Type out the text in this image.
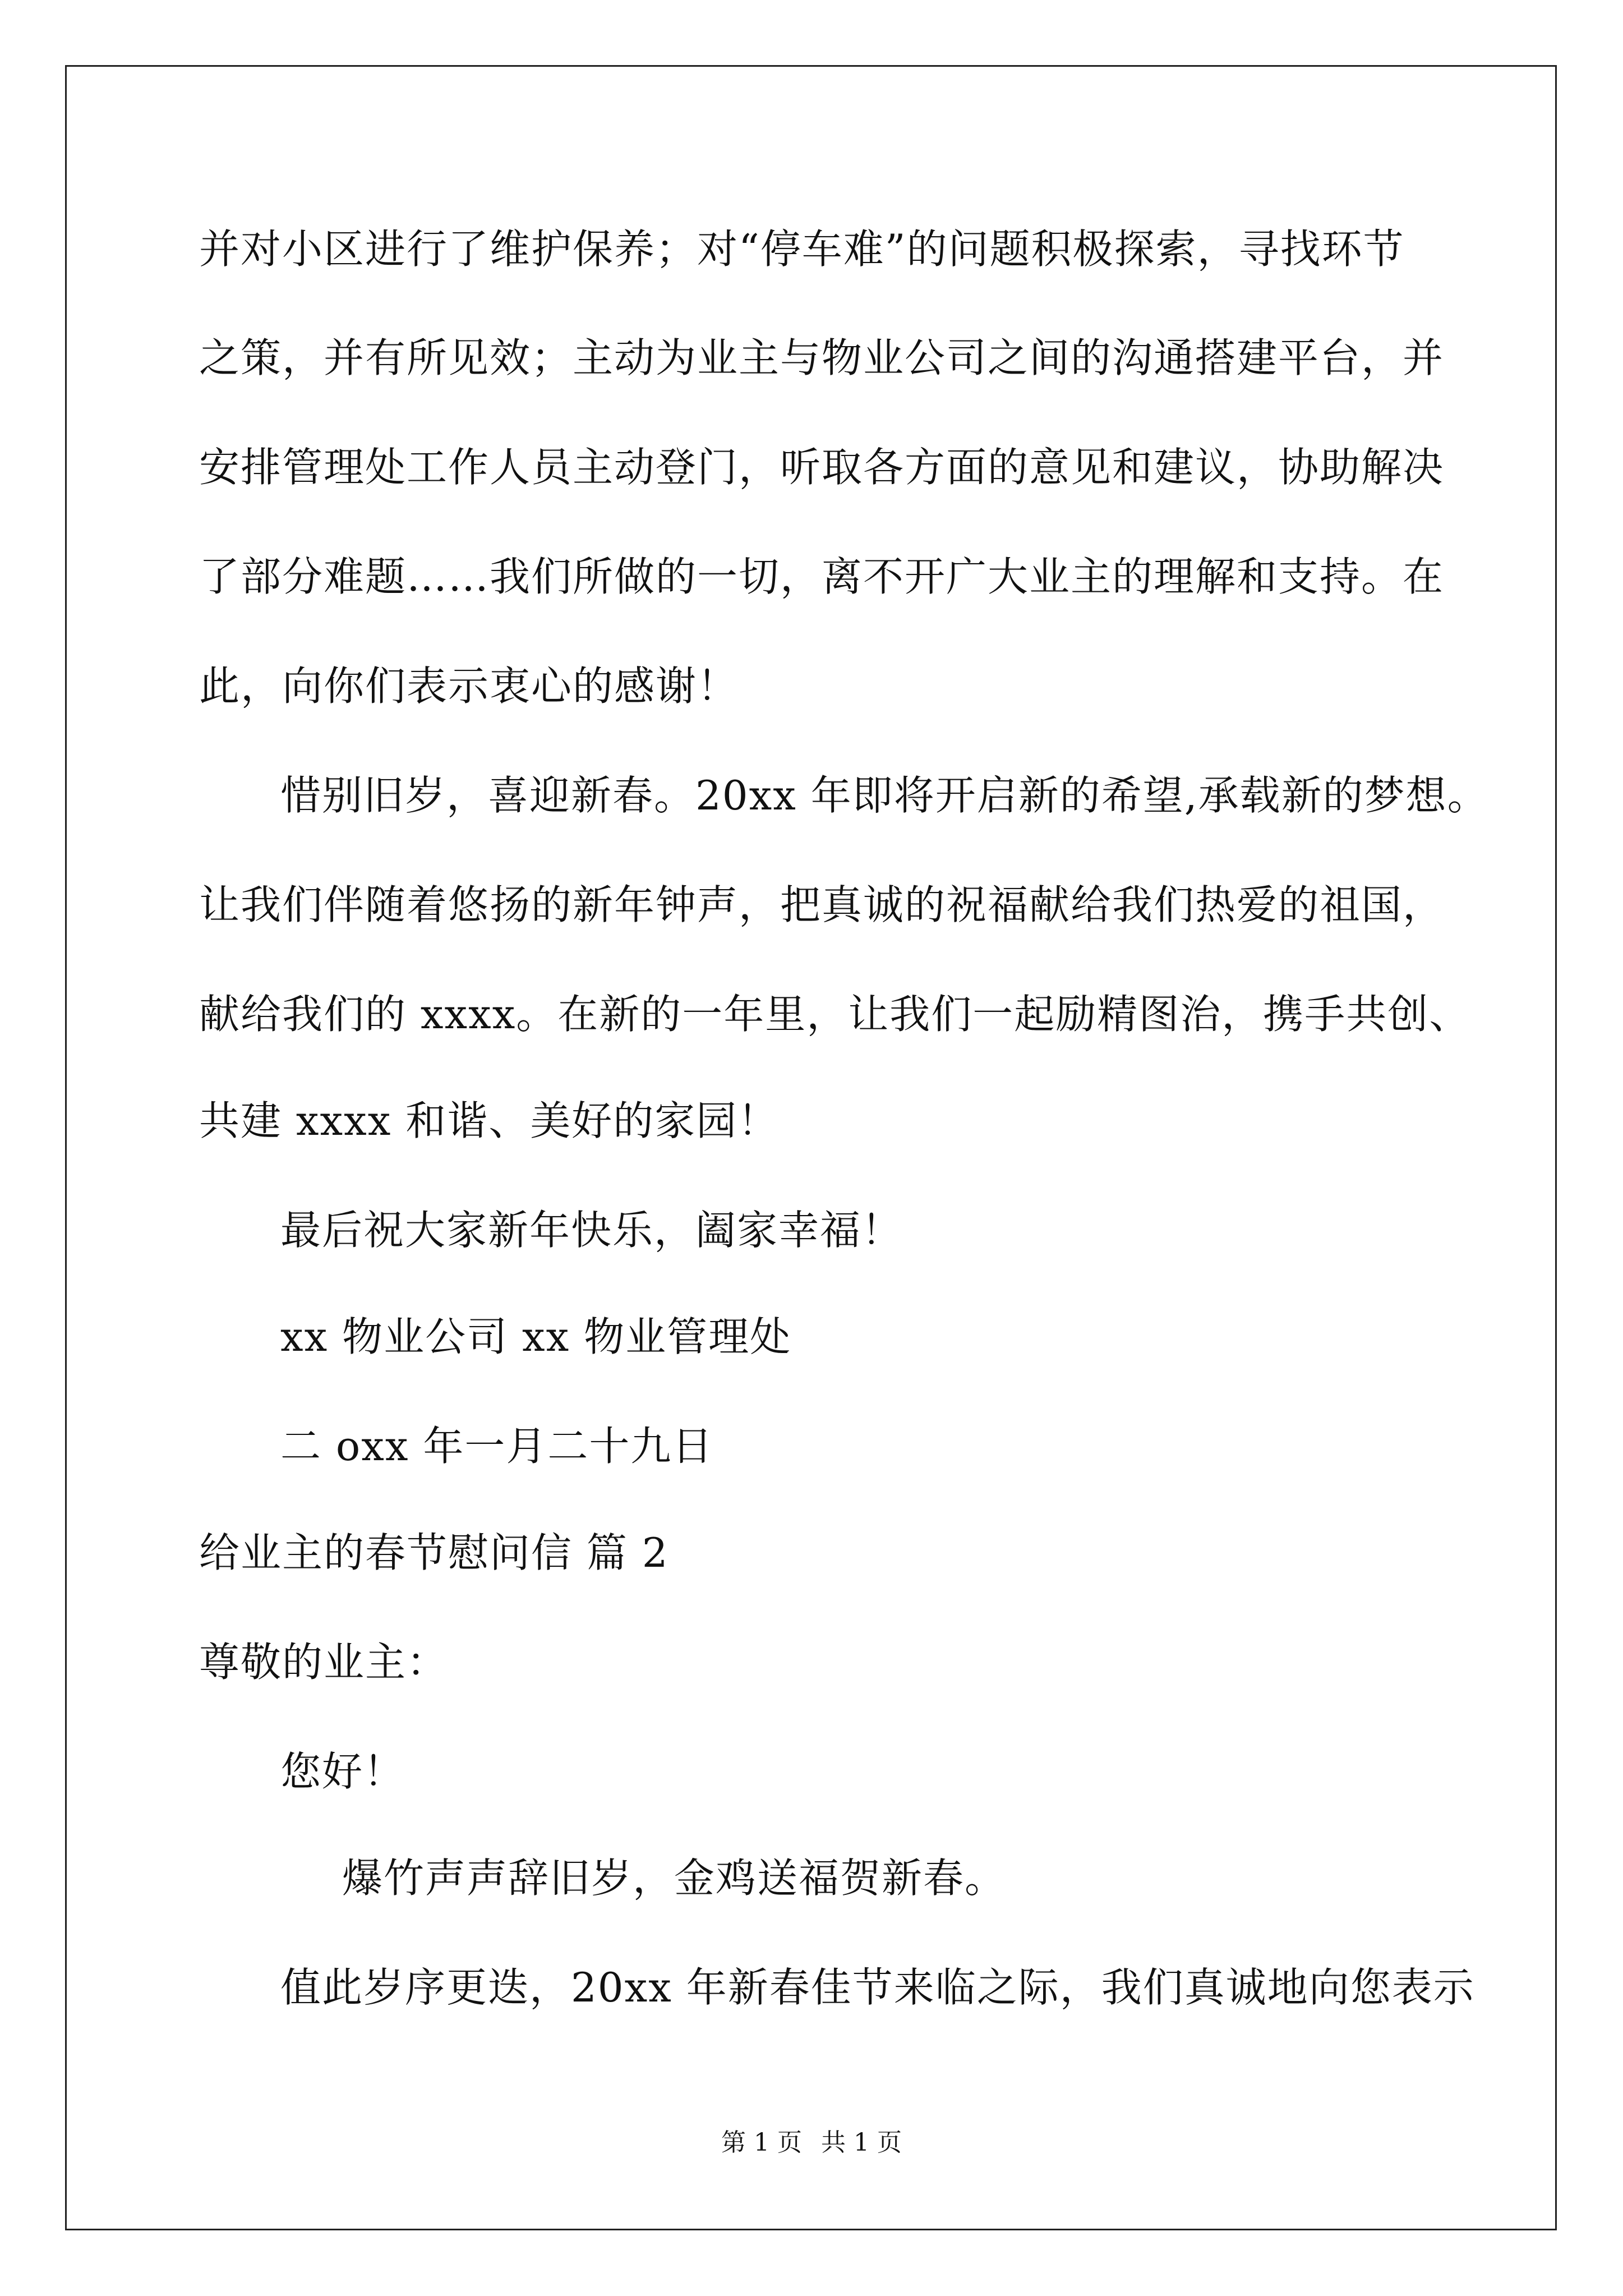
并对小区进行了维护保养；对“停车难”的问题积极探索，寻找环节
之策，并有所见效；主动为业主与物业公司之间的沟通搭建平台，并
安排管理处工作人员主动登门，听取各方面的意见和建议，协助解决
了部分难题……我们所做的一切，离不开广大业主的理解和支持。在
此，向你们表示衷心的感谢！
惜别旧岁，喜迎新春。20xx 年即将开启新的希望,承载新的梦想。
让我们伴随着悠扬的新年钟声，把真诚的祝福献给我们热爱的祖国，
献给我们的 xxxx。在新的一年里，让我们一起励精图治，携手共创、
共建 xxxx 和谐、美好的家园！
最后祝大家新年快乐，阖家幸福！
xx 物业公司 xx 物业管理处
二 oxx 年一月二十九日
给业主的春节慰问信 篇 2
尊敬的业主：
您好！
爆竹声声辞旧岁，金鸡送福贺新春。
值此岁序更迭，20xx 年新春佳节来临之际，我们真诚地向您表示
第 1 页 共 1 页
